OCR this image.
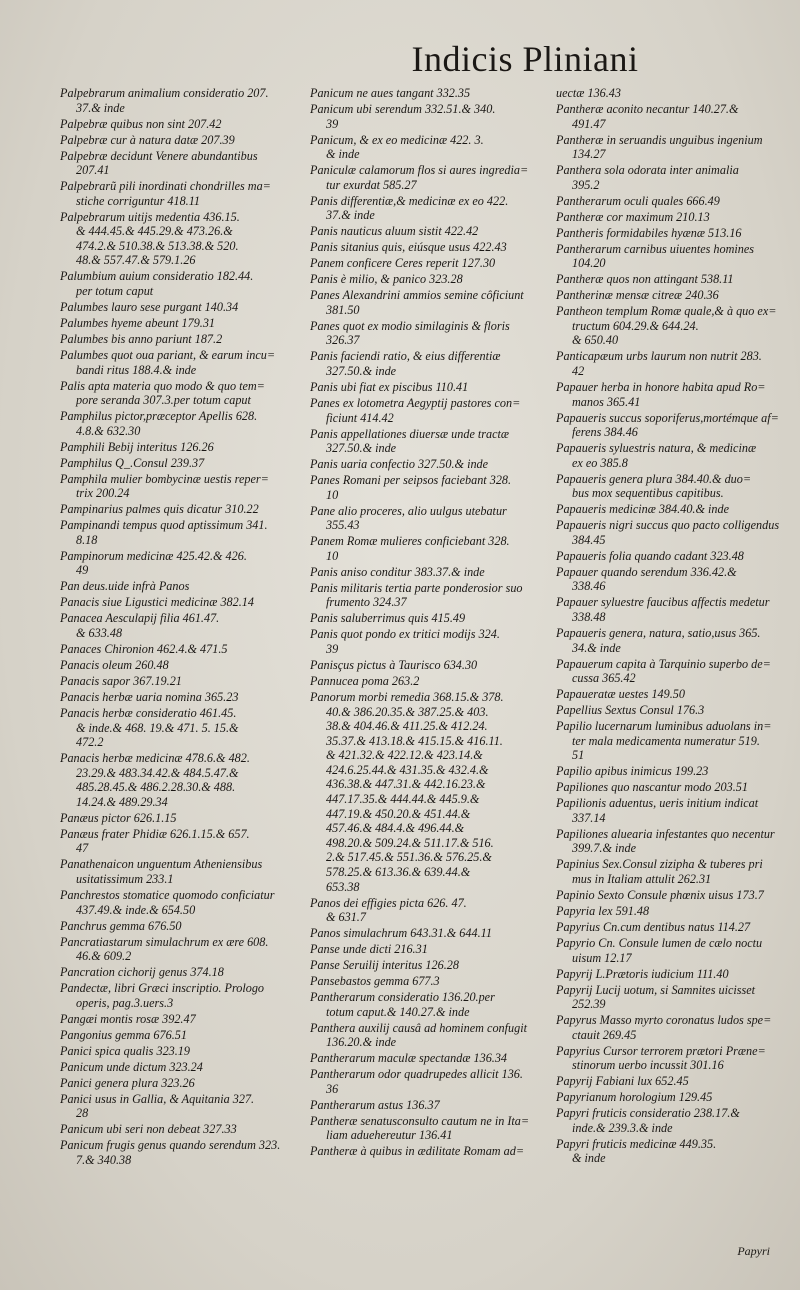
Indicis Pliniani
Palpebrarum animalium consideratio 207.
37.& inde
Palpebræ quibus non sint 207.42
Palpebræ cur à natura datæ 207.39
Palpebræ decidunt Venere abundantibus
207.41
Palpebrarũ pili inordinati chondrilles ma=
stiche corriguntur 418.11
Palpebrarum uitijs medentia 436.15.
& 444.45.& 445.29.& 473.26.&
474.2.& 510.38.& 513.38.& 520.
48.& 557.47.& 579.1.26
Palumbium auium consideratio 182.44.
per totum caput
Palumbes lauro sese purgant 140.34
Palumbes hyeme abeunt 179.31
Palumbes bis anno pariunt 187.2
Palumbes quot oua pariant, & earum incu=
bandi ritus 188.4.& inde
Palis apta materia quo modo & quo tem=
pore seranda 307.3.per totum caput
Pamphilus pictor,præceptor Apellis 628.
4.8.& 632.30
Pamphili Bebij interitus 126.26
Pamphilus Q_.Consul 239.37
Pamphila mulier bombycinæ uestis reper=
trix 200.24
Pampinarius palmes quis dicatur 310.22
Pampinandi tempus quod aptissimum 341.
8.18
Pampinorum medicinæ 425.42.& 426.
49
Pan deus.uide infrà Panos
Panacis siue Ligustici medicinæ 382.14
Panacea Aesculapij filia 461.47.
& 633.48
Panaces Chironion 462.4.& 471.5
Panacis oleum 260.48
Panacis sapor 367.19.21
Panacis herbæ uaria nomina 365.23
Panacis herbæ consideratio 461.45.
& inde.& 468. 19.& 471. 5. 15.&
472.2
Panacis herbæ medicinæ 478.6.& 482.
23.29.& 483.34.42.& 484.5.47.&
485.28.45.& 486.2.28.30.& 488.
14.24.& 489.29.34
Panæus pictor 626.1.15
Panæus frater Phidiæ 626.1.15.& 657.
47
Panathenaicon unguentum Atheniensibus
usitatissimum 233.1
Panchrestos stomatice quomodo conficiatur
437.49.& inde.& 654.50
Panchrus gemma 676.50
Pancratiastarum simulachrum ex ære 608.
46.& 609.2
Pancration cichorij genus 374.18
Pandectæ, libri Græci inscriptio. Prologo
operis, pag.3.uers.3
Pangæi montis rosæ 392.47
Pangonius gemma 676.51
Panici spica qualis 323.19
Panicum unde dictum 323.24
Panici genera plura 323.26
Panici usus in Gallia, & Aquitania 327.
28
Panicum ubi seri non debeat 327.33
Panicum frugis genus quando serendum 323.
7.& 340.38
Panicum ne aues tangant 332.35
Panicum ubi serendum 332.51.& 340.
39
Panicum, & ex eo medicinæ 422. 3.
& inde
Paniculæ calamorum flos si aures ingredia=
tur exurdat 585.27
Panis differentiæ,& medicinæ ex eo 422.
37.& inde
Panis nauticus aluum sistit 422.42
Panis sitanius quis, eiúsque usus 422.43
Panem conficere Ceres reperit 127.30
Panis è milio, & panico 323.28
Panes Alexandrini ammios semine côficiunt
381.50
Panes quot ex modio similaginis & floris
326.37
Panis faciendi ratio, & eius differentiæ
327.50.& inde
Panis ubi fiat ex piscibus 110.41
Panes ex lotometra Aegyptij pastores con=
ficiunt 414.42
Panis appellationes diuersæ unde tractæ
327.50.& inde
Panis uaria confectio 327.50.& inde
Panes Romani per seipsos faciebant 328.
10
Pane alio proceres, alio uulgus utebatur
355.43
Panem Romæ mulieres conficiebant 328.
10
Panis aniso conditur 383.37.& inde
Panis militaris tertia parte ponderosior suo
frumento 324.37
Panis saluberrimus quis 415.49
Panis quot pondo ex tritici modijs 324.
39
Panisçus pictus à Taurisco 634.30
Pannucea poma 263.2
Panorum morbi remedia 368.15.& 378.
40.& 386.20.35.& 387.25.& 403.
38.& 404.46.& 411.25.& 412.24.
35.37.& 413.18.& 415.15.& 416.11.
& 421.32.& 422.12.& 423.14.&
424.6.25.44.& 431.35.& 432.4.&
436.38.& 447.31.& 442.16.23.&
447.17.35.& 444.44.& 445.9.&
447.19.& 450.20.& 451.44.&
457.46.& 484.4.& 496.44.&
498.20.& 509.24.& 511.17.& 516.
2.& 517.45.& 551.36.& 576.25.&
578.25.& 613.36.& 639.44.&
653.38
Panos dei effigies picta 626. 47.
& 631.7
Panos simulachrum 643.31.& 644.11
Panse unde dicti 216.31
Panse Seruilij interitus 126.28
Pansebastos gemma 677.3
Pantherarum consideratio 136.20.per
totum caput.& 140.27.& inde
Panthera auxilij causâ ad hominem confugit
136.20.& inde
Pantherarum maculæ spectandæ 136.34
Pantherarum odor quadrupedes allicit 136.
36
Pantherarum astus 136.37
Pantheræ senatusconsulto cautum ne in Ita=
liam aduehereutur 136.41
Pantheræ à quibus in ædilitate Romam ad=
uectæ 136.43
Pantheræ aconito necantur 140.27.&
491.47
Pantheræ in seruandis unguibus ingenium
134.27
Panthera sola odorata inter animalia
395.2
Pantherarum oculi quales 666.49
Pantheræ cor maximum 210.13
Pantheris formidabiles hyænæ 513.16
Pantherarum carnibus uiuentes homines
104.20
Pantheræ quos non attingant 538.11
Pantherinæ mensæ citreæ 240.36
Pantheon templum Romæ quale,& à quo ex=
tructum 604.29.& 644.24.
& 650.40
Panticapæum urbs laurum non nutrit 283.
42
Papauer herba in honore habita apud Ro=
manos 365.41
Papaueris succus soporiferus,mortémque af=
ferens 384.46
Papaueris syluestris natura, & medicinæ
ex eo 385.8
Papaueris genera plura 384.40.& duo=
bus mox sequentibus capitibus.
Papaueris medicinæ 384.40.& inde
Papaueris nigri succus quo pacto colligendus
384.45
Papaueris folia quando cadant 323.48
Papauer quando serendum 336.42.&
338.46
Papauer syluestre faucibus affectis medetur
338.48
Papaueris genera, natura, satio,usus 365.
34.& inde
Papauerum capita à Tarquinio superbo de=
cussa 365.42
Papaueratæ uestes 149.50
Papellius Sextus Consul 176.3
Papilio lucernarum luminibus aduolans in=
ter mala medicamenta numeratur 519.
51
Papilio apibus inimicus 199.23
Papiliones quo nascantur modo 203.51
Papilionis aduentus, ueris initium indicat
337.14
Papiliones aluearia infestantes quo necentur
399.7.& inde
Papinius Sex.Consul zizipha & tuberes pri
mus in Italiam attulit 262.31
Papinio Sexto Consule phœnix uisus 173.7
Papyria lex 591.48
Papyrius Cn.cum dentibus natus 114.27
Papyrio Cn. Consule lumen de cælo noctu
uisum 12.17
Papyrij L.Prætoris iudicium 111.40
Papyrij Lucij uotum, si Samnites uicisset
252.39
Papyrus Masso myrto coronatus ludos spe=
ctauit 269.45
Papyrius Cursor terrorem prætori Præne=
stinorum uerbo incussit 301.16
Papyrij Fabiani lux 652.45
Papyrianum horologium 129.45
Papyri fruticis consideratio 238.17.&
inde.& 239.3.& inde
Papyri fruticis medicinæ 449.35.
& inde
Papyri
